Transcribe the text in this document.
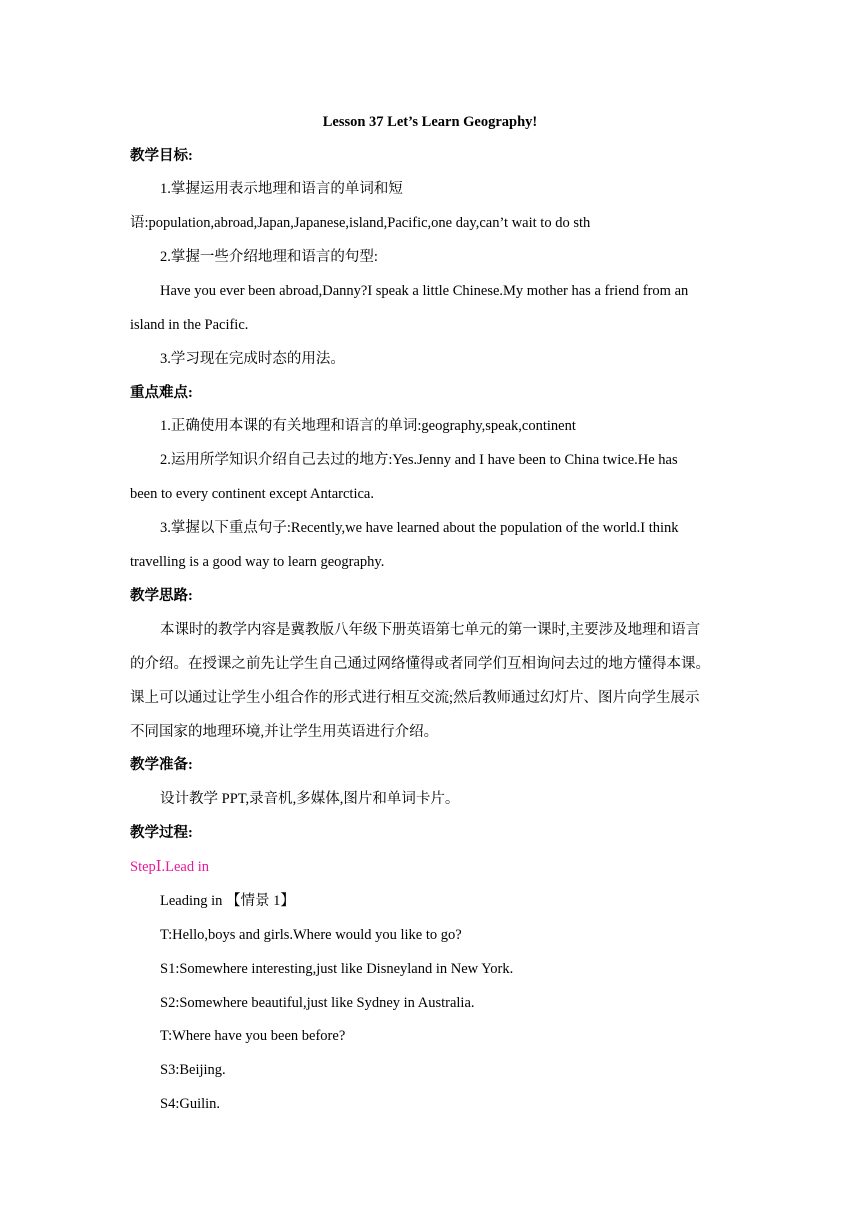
Lesson 37 Let’s Learn Geography!
教学目标:
1.掌握运用表示地理和语言的单词和短
语:population,abroad,Japan,Japanese,island,Pacific,one day,can’t wait to do sth
2.掌握一些介绍地理和语言的句型:
Have you ever been abroad,Danny?I speak a little Chinese.My mother has a friend from an
island in the Pacific.
3.学习现在完成时态的用法。
重点难点:
1.正确使用本课的有关地理和语言的单词:geography,speak,continent
2.运用所学知识介绍自己去过的地方:Yes.Jenny and I have been to China twice.He has
been to every continent except Antarctica.
3.掌握以下重点句子:Recently,we have learned about the population of the world.I think
travelling is a good way to learn geography.
教学思路:
本课时的教学内容是冀教版八年级下册英语第七单元的第一课时,主要涉及地理和语言
的介绍。在授课之前先让学生自己通过网络懂得或者同学们互相询问去过的地方懂得本课。
课上可以通过让学生小组合作的形式进行相互交流;然后教师通过幻灯片、图片向学生展示
不同国家的地理环境,并让学生用英语进行介绍。
教学准备:
设计教学 PPT,录音机,多媒体,图片和单词卡片。
教学过程:
StepⅠ.Lead in
Leading in 【情景 1】
T:Hello,boys and girls.Where would you like to go?
S1:Somewhere interesting,just like Disneyland in New York.
S2:Somewhere beautiful,just like Sydney in Australia.
T:Where have you been before?
S3:Beijing.
S4:Guilin.
